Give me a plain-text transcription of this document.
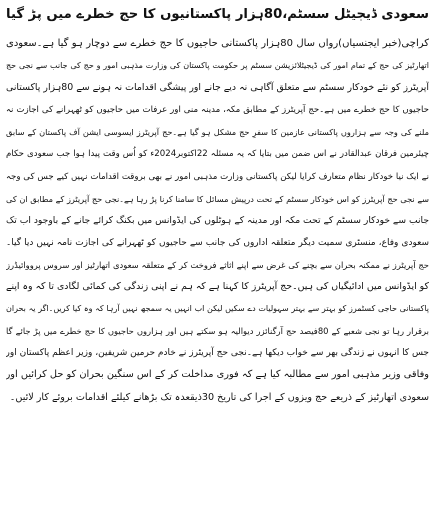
سعودی ڈیجیٹل سسٹم،80ہزار پاکستانیوں کا حج خطرے میں پڑ گیا
کراچی(خبر ایجنسیاں)رواں سال 80ہزار پاکستانی حاجیوں کا حج خطرے سے دوچار ہو گیا ہے۔سعودی
اتھارٹیز کی حج کے تمام امور کی ڈیجیٹلائزیشن سسٹم پر حکومت پاکستان کی وزارت مذہبی امور و حج کی جانب سے نجی حج
آپریٹرز کو نئے خودکار سسٹم سے متعلق آگاہی نہ دیے جانے اور پیشگی اقدامات نہ ہونے سے 80ہزار پاکستانی
حاجیوں کا حج خطرے میں ہے۔حج آپریٹرز کے مطابق مکہ، مدینہ منی اور عرفات میں حاجیوں کو ٹھہرانے کی اجازت نہ
ملنے کی وجہ سے ہزاروں پاکستانی عازمین کا سفرِ حج مشکل ہو گیا ہے۔حج آپریٹرز ایسوسی ایشن آف پاکستان کے سابق
چیئرمین فرقان عبدالقادر نے اس ضمن میں بتایا کہ یہ مسئلہ 22اکتوبر2024ء کو اُس وقت پیدا ہوا جب سعودی حکام
نے ایک نیا خودکار نظام متعارف کرایا لیکن پاکستانی وزارت مذہبی امور نے بھی بروقت اقدامات نہیں کیے جس کی وجہ
سے نجی حج آپریٹرز کو اس خودکار سسٹم کے تحت درپیش مسائل کا سامنا کرنا پڑ رہا ہے۔نجی حج آپریٹرز کے مطابق ان کی
جانب سے خودکار سسٹم کے تحت مکہ اور مدینہ کے ہوٹلوں کی ایڈوانس میں بکنگ کرائے جانے کے باوجود اب تک
سعودی وفاع، منسٹری سمیت دیگر متعلقہ اداروں کی جانب سے حاجیوں کو ٹھہرانے کی اجازت نامہ نہیں دیا گیا۔
حج آپریٹرز نے ممکنہ بحران سے بچنے کی غرض سے اپنے اثاثے فروخت کر کے متعلقہ سعودی اتھارٹیز اور سروس پرووائیڈرز
کو ایڈوانس میں ادائیگیاں کی ہیں۔حج آپریٹرز کا کہنا ہے کہ ہم نے اپنی زندگی کی کمائی لگادی تا کہ وہ اپنے
پاکستانی حاجی کسٹمرز کو بہتر سے بہتر سہولیات دے سکیں لیکن اب انہیں یہ سمجھ نہیں آرہا کہ وہ کیا کریں۔اگر یہ بحران
برقرار رہا تو نجی شعبے کے 80فیصد حج آرگنائزر دیوالیہ ہو سکتے ہیں اور ہزاروں حاجیوں کا حج خطرے میں پڑ جائے گا
جس کا انہوں نے زندگی بھر سے خواب دیکھا ہے۔نجی حج آپریٹرز نے خادم حرمین شریفین، وزیر اعظم پاکستان اور
وفاقی وزیر مذہبی امور سے مطالبہ کیا ہے کہ فوری مداخلت کر کے اس سنگین بحران کو حل کرائیں اور
سعودی اتھارٹیز کے ذریعے حج ویزوں کے اجرا کی تاریخ 30ذیقعدہ تک بڑھانے کیلئے اقدامات بروئے کار لائیں۔
